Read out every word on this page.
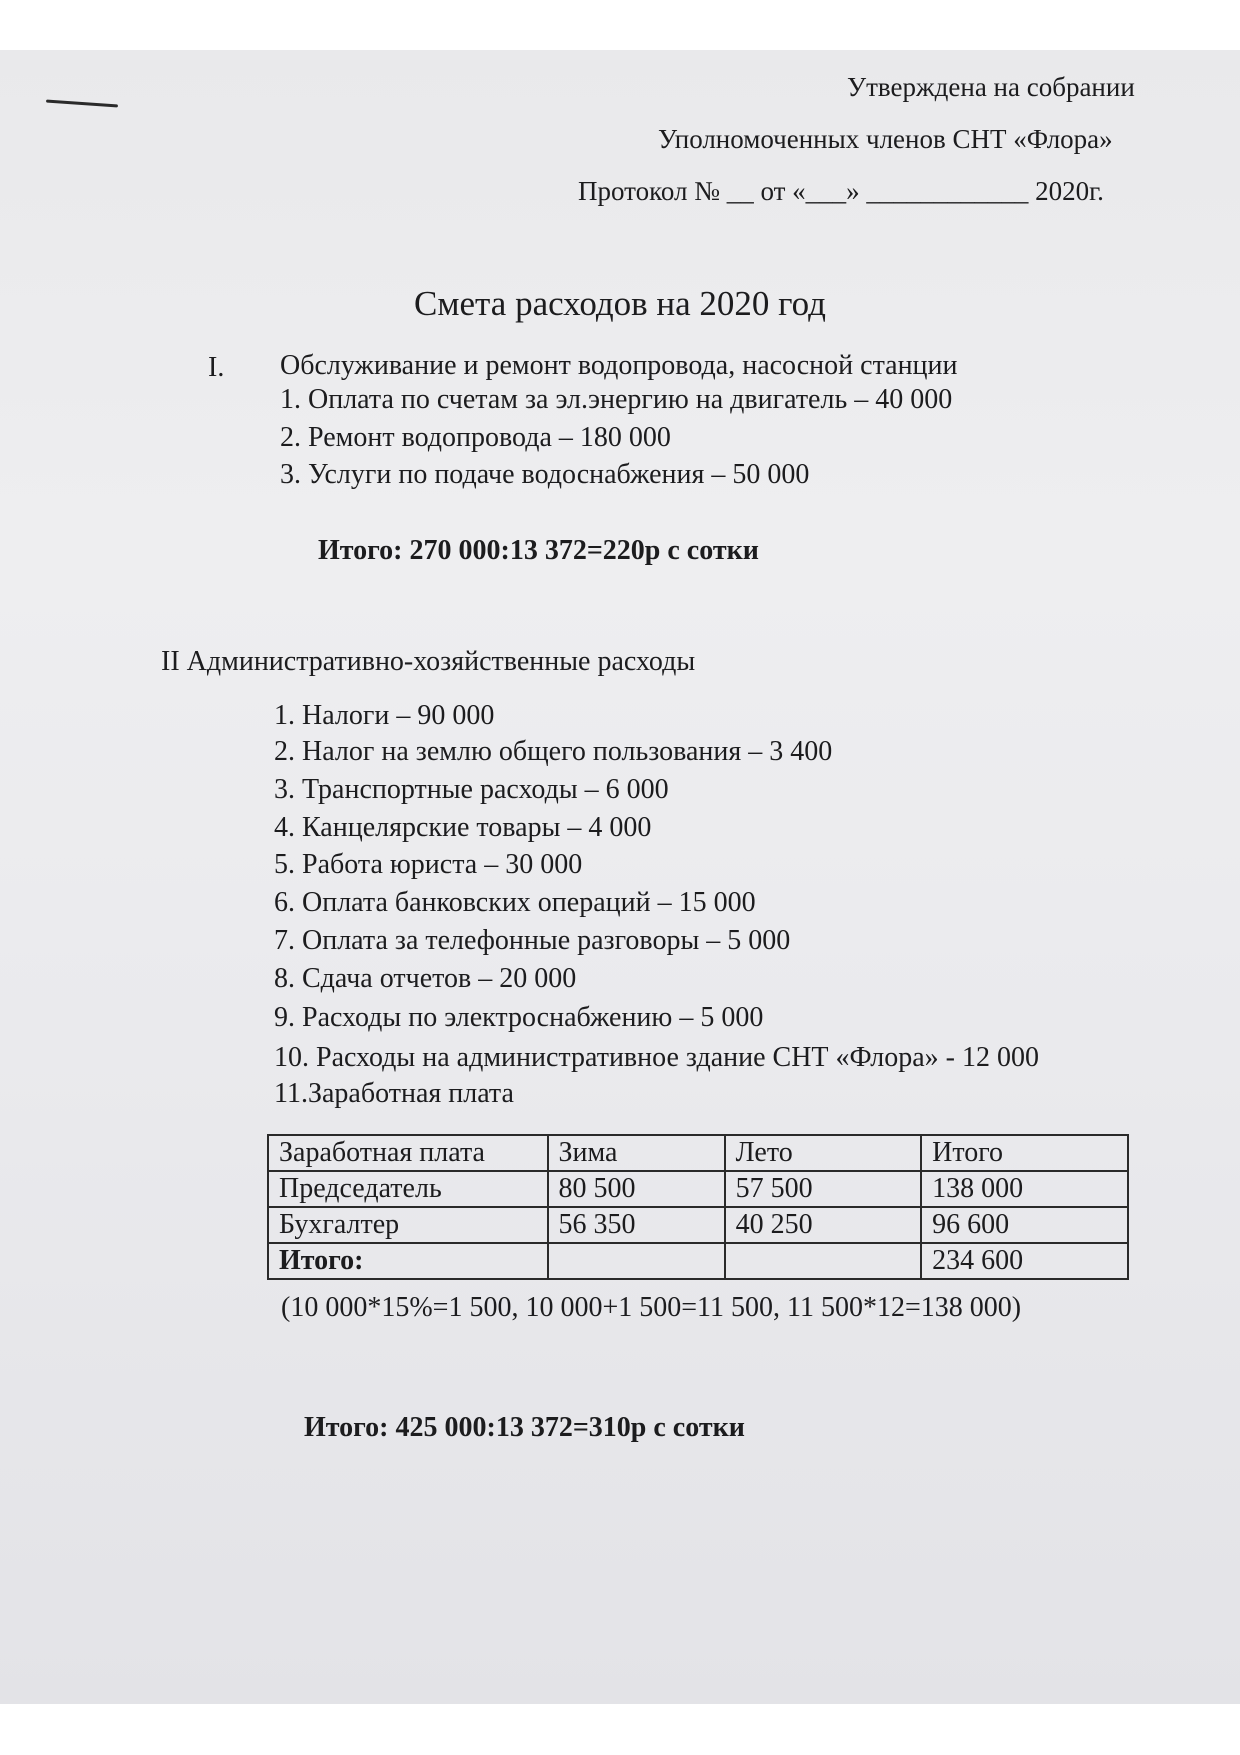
Утверждена на собрании
Уполномоченных членов СНТ «Флора»
Протокол № __ от «___» ____________ 2020г.
Смета расходов на 2020 год
I. Обслуживание и ремонт водопровода, насосной станции
1. Оплата по счетам за эл.энергию на двигатель – 40 000
2. Ремонт водопровода – 180 000
3. Услуги по подаче водоснабжения – 50 000
Итого: 270 000:13 372=220р с сотки
II Административно-хозяйственные расходы
1. Налоги – 90 000
2. Налог на землю общего пользования – 3 400
3. Транспортные расходы – 6 000
4. Канцелярские товары – 4 000
5. Работа юриста – 30 000
6. Оплата банковских операций – 15 000
7. Оплата за телефонные разговоры – 5 000
8. Сдача отчетов – 20 000
9. Расходы по электроснабжению – 5 000
10. Расходы на административное здание СНТ «Флора» - 12 000
11.Заработная плата
Заработная плата	Зима	Лето	Итого
Председатель	80 500	57 500	138 000
Бухгалтер	56 350	40 250	96 600
Итого:			234 600
(10 000*15%=1 500, 10 000+1 500=11 500, 11 500*12=138 000)
Итого: 425 000:13 372=310р с сотки
